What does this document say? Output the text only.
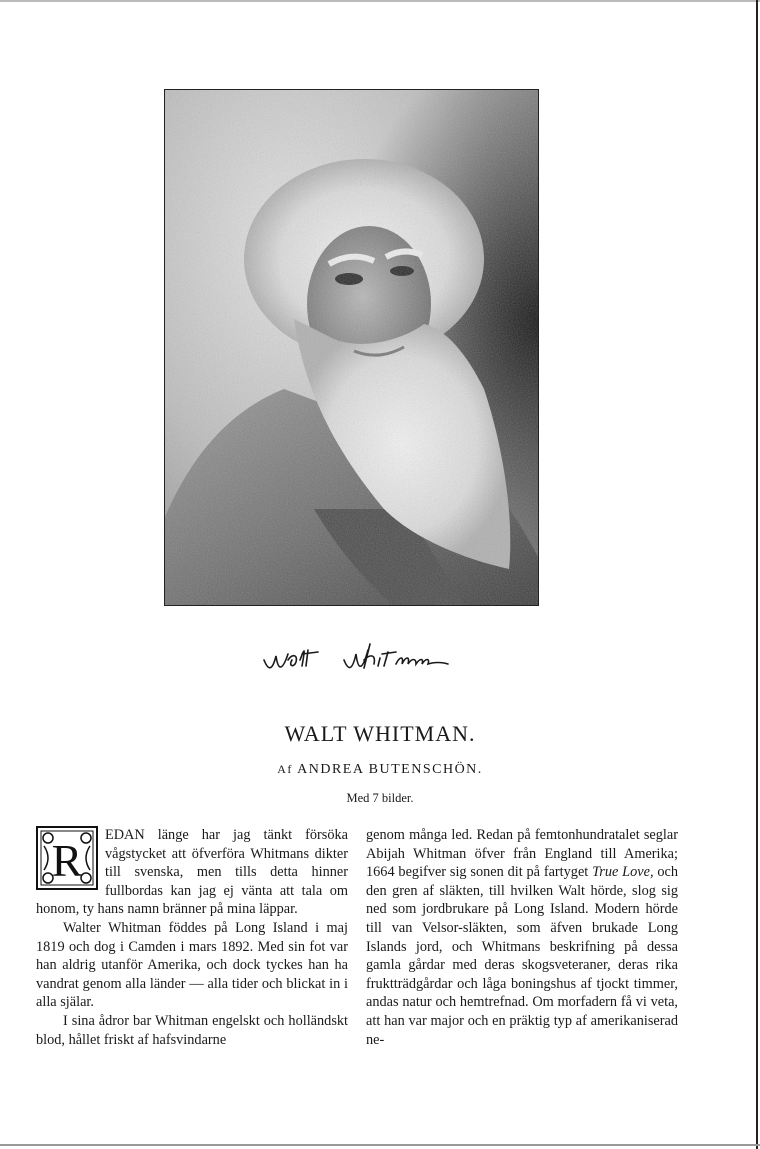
WALT WHITMAN.
Af ANDREA BUTENSCHÖN.
Med 7 bilder.

R EDAN länge har jag tänkt försöka vågstycket att öfverföra Whitmans dikter till svenska, men tills detta hinner fullbordas kan jag ej vänta att tala om honom, ty hans namn bränner på mina läppar.

Walter Whitman föddes på Long Island i maj 1819 och dog i Camden i mars 1892. Med sin fot var han aldrig utanför Amerika, och dock tyckes han ha vandrat genom alla länder — alla tider och blickat in i alla själar.

I sina ådror bar Whitman engelskt och holländskt blod, hållet friskt af hafsvindarne

genom många led. Redan på femtonhundratalet seglar Abijah Whitman öfver från England till Amerika; 1664 begifver sig sonen dit på fartyget True Love, och den gren af släkten, till hvilken Walt hörde, slog sig ned som jordbrukare på Long Island. Modern hörde till van Velsor-släkten, som äfven brukade Long Islands jord, och Whitmans beskrifning på dessa gamla gårdar med deras skogsveteraner, deras rika fruktträdgårdar och låga boningshus af tjockt timmer, andas natur och hemtrefnad. Om morfadern få vi veta, att han var major och en präktig typ af amerikaniserad ne-
